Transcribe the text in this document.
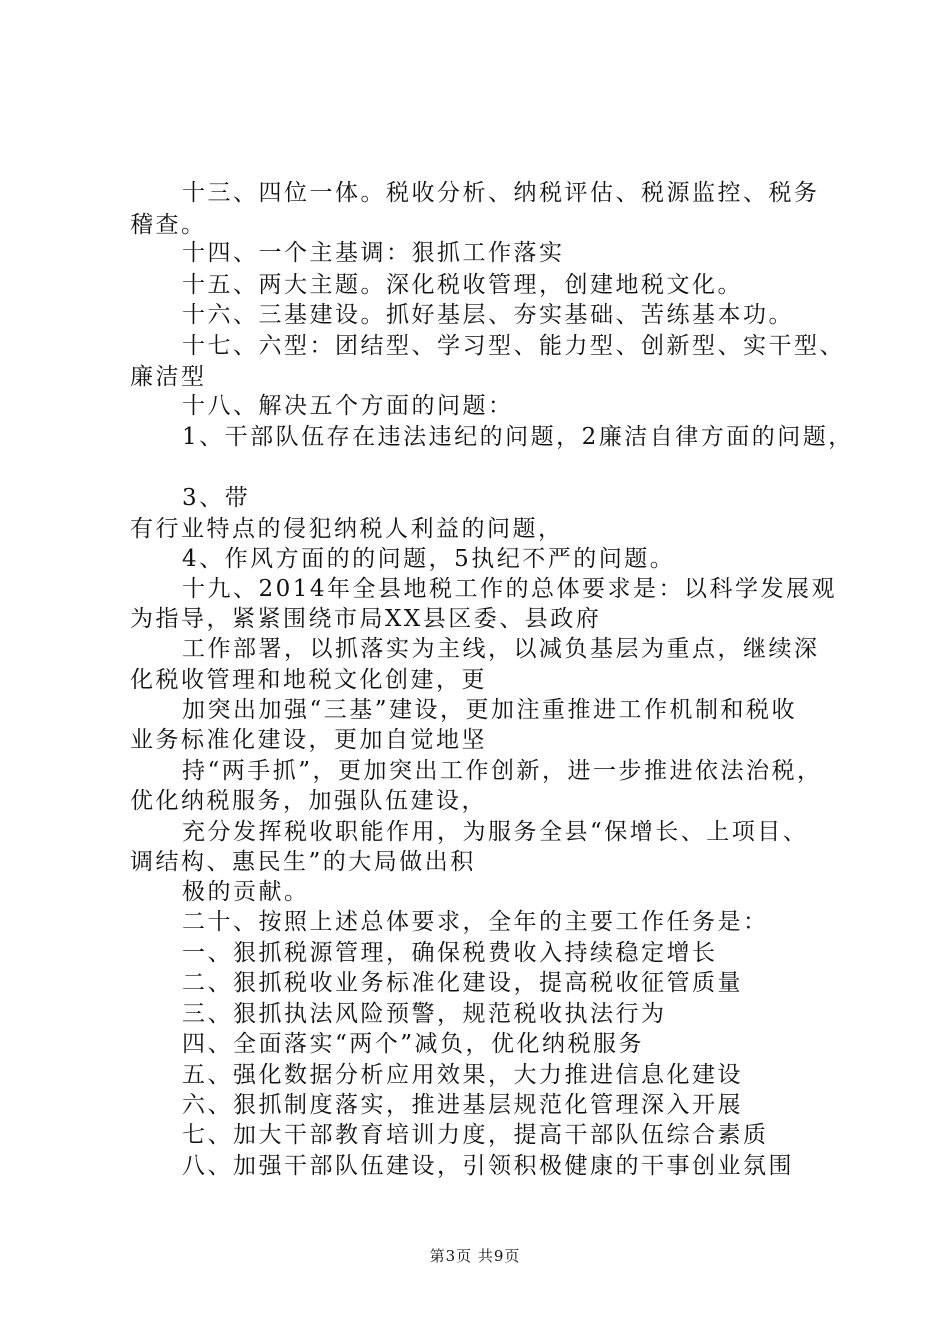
十三、四位一体。税收分析、纳税评估、税源监控、税务
稽查。
十四、一个主基调：狠抓工作落实
十五、两大主题。深化税收管理，创建地税文化。
十六、三基建设。抓好基层、夯实基础、苦练基本功。
十七、六型：团结型、学习型、能力型、创新型、实干型、
廉洁型
十八、解决五个方面的问题：
1、干部队伍存在违法违纪的问题，2廉洁自律方面的问题，
3、带
有行业特点的侵犯纳税人利益的问题，
4、作风方面的的问题，5执纪不严的问题。
十九、2014年全县地税工作的总体要求是：以科学发展观
为指导，紧紧围绕市局XX县区委、县政府
工作部署，以抓落实为主线，以减负基层为重点，继续深
化税收管理和地税文化创建，更
加突出加强“三基”建设，更加注重推进工作机制和税收
业务标准化建设，更加自觉地坚
持“两手抓”，更加突出工作创新，进一步推进依法治税，
优化纳税服务，加强队伍建设，
充分发挥税收职能作用，为服务全县“保增长、上项目、
调结构、惠民生”的大局做出积
极的贡献。
二十、按照上述总体要求，全年的主要工作任务是：
一、狠抓税源管理，确保税费收入持续稳定增长
二、狠抓税收业务标准化建设，提高税收征管质量
三、狠抓执法风险预警，规范税收执法行为
四、全面落实“两个”减负，优化纳税服务
五、强化数据分析应用效果，大力推进信息化建设
六、狠抓制度落实，推进基层规范化管理深入开展
七、加大干部教育培训力度，提高干部队伍综合素质
八、加强干部队伍建设，引领积极健康的干事创业氛围
第3页 共9页
